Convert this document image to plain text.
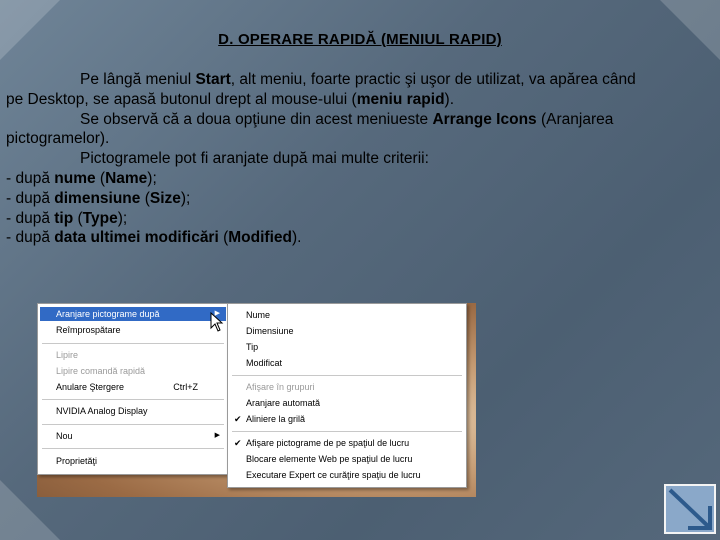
D. OPERARE RAPIDĂ (MENIUL RAPID)
Pe lângă meniul Start, alt meniu, foarte practic şi uşor de utilizat, va apărea când
pe Desktop, se apasă butonul drept al mouse-ului (meniu rapid).
Se observă că a doua opţiune din acest meniueste Arrange Icons (Aranjarea
pictogramelor).
Pictogramele pot fi aranjate după mai multe criterii:
- după nume (Name);
- după dimensiune (Size);
- după tip (Type);
- după data ultimei modificări (Modified).
Aranjare pictograme după	▶
Reîmprospătare
Lipire
Lipire comandă rapidă
Anulare Ştergere	Ctrl+Z
NVIDIA Analog Display
Nou	▶
Proprietăţi
Nume
Dimensiune
Tip
Modificat
Afişare în grupuri
Aranjare automată
✔ Aliniere la grilă
✔ Afişare pictograme de pe spaţiul de lucru
Blocare elemente Web pe spaţiul de lucru
Executare Expert ce curăţire spaţiu de lucru
